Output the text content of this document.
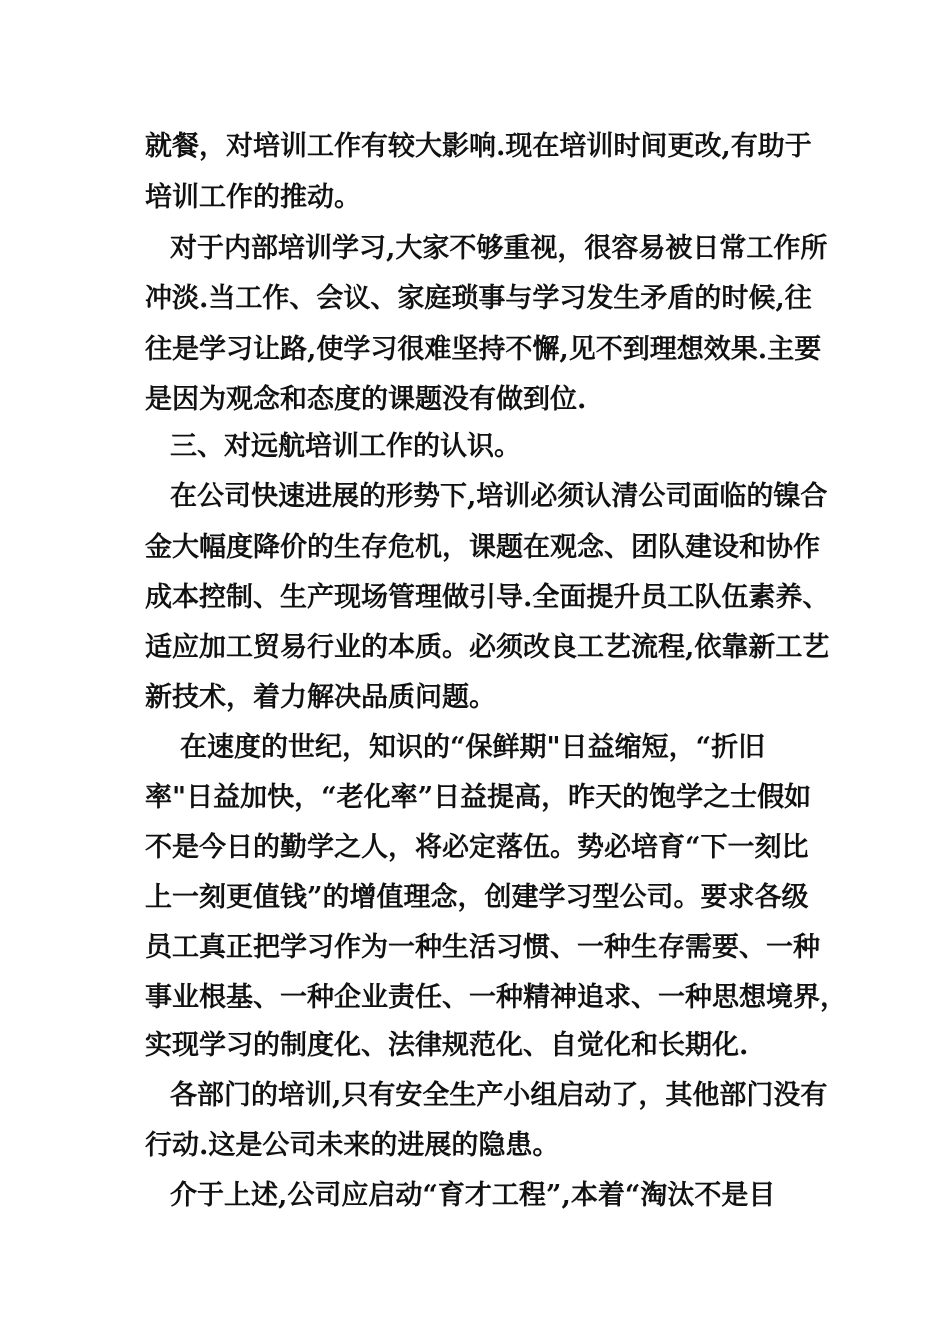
就餐，对培训工作有较大影响.现在培训时间更改,有助于
培训工作的推动。
对于内部培训学习,大家不够重视，很容易被日常工作所
冲淡.当工作、会议、家庭琐事与学习发生矛盾的时候,往
往是学习让路,使学习很难坚持不懈,见不到理想效果.主要
是因为观念和态度的课题没有做到位.
三、对远航培训工作的认识。
在公司快速进展的形势下,培训必须认清公司面临的镍合
金大幅度降价的生存危机，课题在观念、团队建设和协作
成本控制、生产现场管理做引导.全面提升员工队伍素养、
适应加工贸易行业的本质。必须改良工艺流程,依靠新工艺
新技术，着力解决品质问题。
在速度的世纪，知识的“保鲜期"日益缩短，“折旧
率"日益加快，“老化率”日益提高，昨天的饱学之士假如
不是今日的勤学之人，将必定落伍。势必培育“下一刻比
上一刻更值钱”的增值理念，创建学习型公司。要求各级
员工真正把学习作为一种生活习惯、一种生存需要、一种
事业根基、一种企业责任、一种精神追求、一种思想境界，
实现学习的制度化、法律规范化、自觉化和长期化.
各部门的培训,只有安全生产小组启动了，其他部门没有
行动.这是公司未来的进展的隐患。
介于上述,公司应启动“育才工程”,本着“淘汰不是目
